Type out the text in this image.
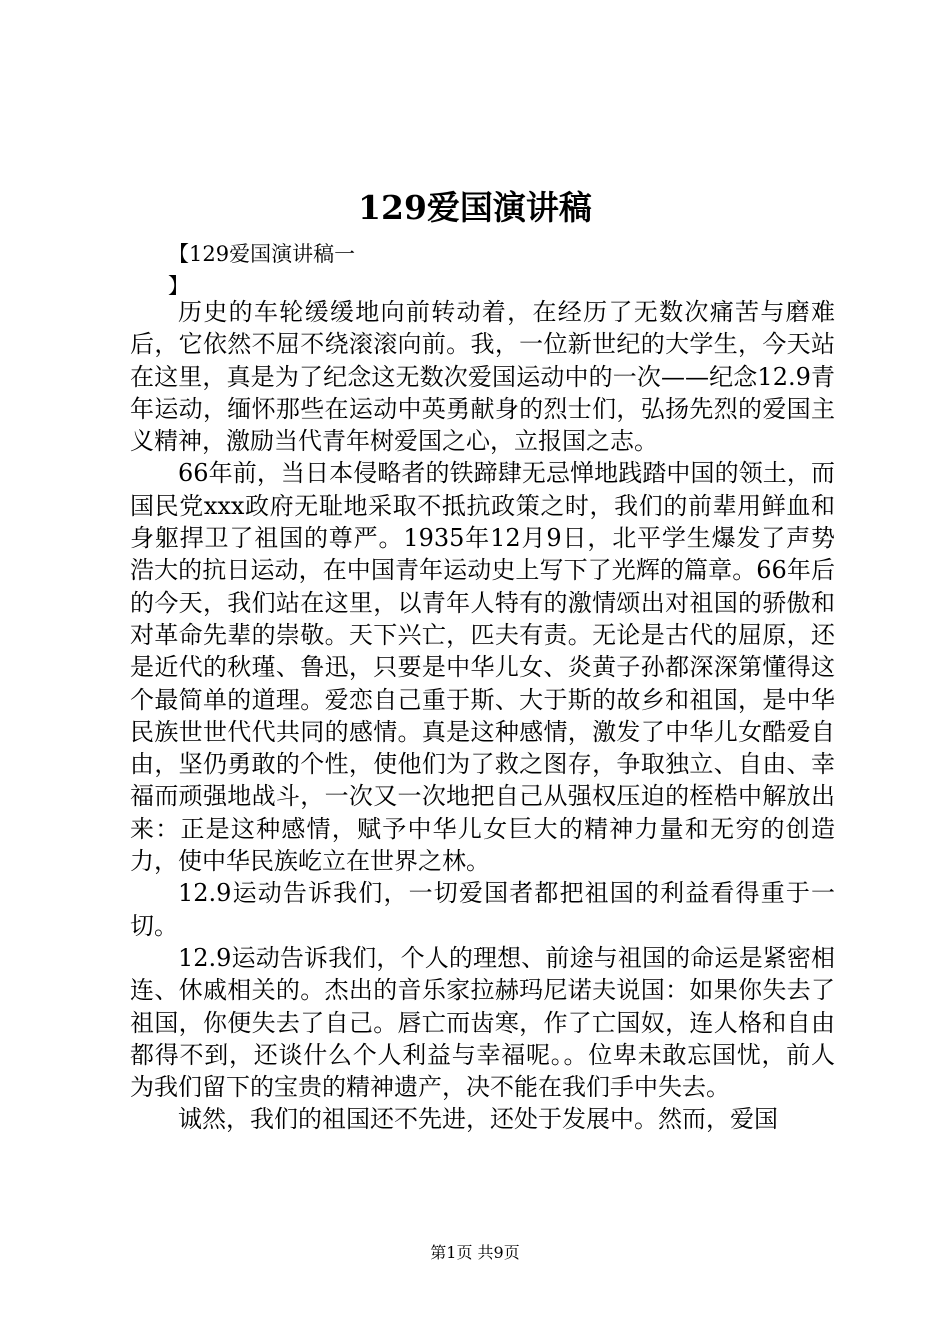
129爱国演讲稿
【129爱国演讲稿一
】

历史的车轮缓缓地向前转动着，在经历了无数次痛苦与磨难后，它依然不屈不绕滚滚向前。我，一位新世纪的大学生，今天站在这里，真是为了纪念这无数次爱国运动中的一次——纪念12.9青年运动，缅怀那些在运动中英勇献身的烈士们，弘扬先烈的爱国主义精神，激励当代青年树爱国之心，立报国之志。

66年前，当日本侵略者的铁蹄肆无忌惮地践踏中国的领土，而国民党xxx政府无耻地采取不抵抗政策之时，我们的前辈用鲜血和身躯捍卫了祖国的尊严。1935年12月9日，北平学生爆发了声势浩大的抗日运动，在中国青年运动史上写下了光辉的篇章。66年后的今天，我们站在这里，以青年人特有的激情颂出对祖国的骄傲和对革命先辈的崇敬。天下兴亡，匹夫有责。无论是古代的屈原，还是近代的秋瑾、鲁迅，只要是中华儿女、炎黄子孙都深深第懂得这个最简单的道理。爱恋自己重于斯、大于斯的故乡和祖国，是中华民族世世代代共同的感情。真是这种感情，激发了中华儿女酷爱自由，坚仍勇敢的个性，使他们为了救之图存，争取独立、自由、幸福而顽强地战斗，一次又一次地把自己从强权压迫的桎梏中解放出来：正是这种感情，赋予中华儿女巨大的精神力量和无穷的创造力，使中华民族屹立在世界之林。

12.9运动告诉我们，一切爱国者都把祖国的利益看得重于一切。

12.9运动告诉我们，个人的理想、前途与祖国的命运是紧密相连、休戚相关的。杰出的音乐家拉赫玛尼诺夫说国：如果你失去了祖国，你便失去了自己。唇亡而齿寒，作了亡国奴，连人格和自由都得不到，还谈什么个人利益与幸福呢。。位卑未敢忘国忧，前人为我们留下的宝贵的精神遗产，决不能在我们手中失去。

诚然，我们的祖国还不先进，还处于发展中。然而，爱国

第1页 共9页
